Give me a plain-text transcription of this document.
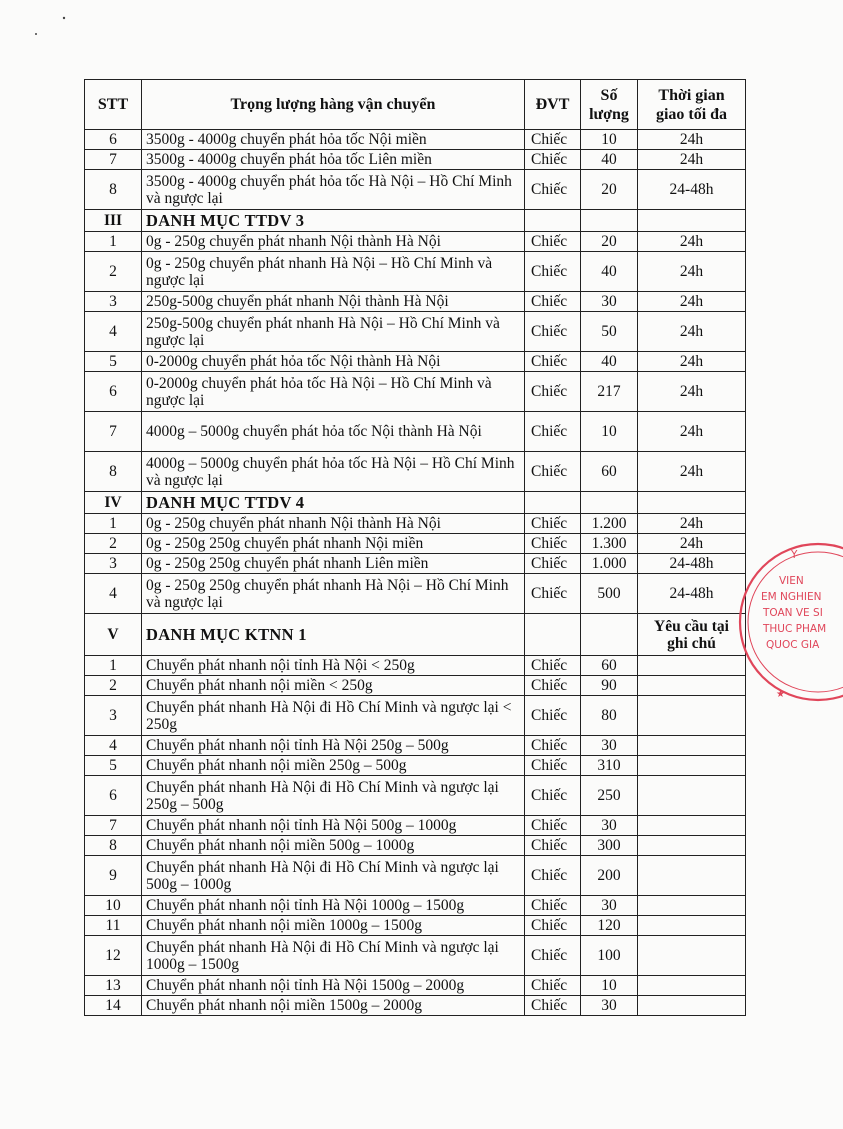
STT	Trọng lượng hàng vận chuyển	ĐVT	Số
lượng	Thời gian
giao tối đa
6	3500g - 4000g chuyển phát hỏa tốc Nội miền	Chiếc	10	24h
7	3500g - 4000g chuyển phát hỏa tốc Liên miền	Chiếc	40	24h
8	3500g - 4000g chuyển phát hỏa tốc Hà Nội – Hồ Chí Minh và ngược lại	Chiếc	20	24-48h
III	DANH MỤC TTDV 3			
1	0g - 250g chuyển phát nhanh Nội thành Hà Nội	Chiếc	20	24h
2	0g - 250g chuyển phát nhanh Hà Nội – Hồ Chí Minh và ngược lại	Chiếc	40	24h
3	250g-500g chuyển phát nhanh Nội thành Hà Nội	Chiếc	30	24h
4	250g-500g chuyển phát nhanh Hà Nội – Hồ Chí Minh và ngược lại	Chiếc	50	24h
5	0-2000g chuyển phát hỏa tốc Nội thành Hà Nội	Chiếc	40	24h
6	0-2000g chuyển phát hỏa tốc Hà Nội – Hồ Chí Minh và ngược lại	Chiếc	217	24h
7	4000g – 5000g chuyển phát hỏa tốc Nội thành Hà Nội	Chiếc	10	24h
8	4000g – 5000g chuyển phát hỏa tốc Hà Nội – Hồ Chí Minh và ngược lại	Chiếc	60	24h
IV	DANH MỤC TTDV 4			
1	0g - 250g chuyển phát nhanh Nội thành Hà Nội	Chiếc	1.200	24h
2	0g - 250g 250g chuyển phát nhanh Nội miền	Chiếc	1.300	24h
3	0g - 250g 250g chuyển phát nhanh Liên miền	Chiếc	1.000	24-48h
4	0g - 250g 250g chuyển phát nhanh Hà Nội – Hồ Chí Minh và ngược lại	Chiếc	500	24-48h
V	DANH MỤC KTNN 1			Yêu cầu tại ghi chú
1	Chuyển phát nhanh nội tỉnh Hà Nội < 250g	Chiếc	60	
2	Chuyển phát nhanh nội miền < 250g	Chiếc	90	
3	Chuyển phát nhanh Hà Nội đi Hồ Chí Minh và ngược lại < 250g	Chiếc	80	
4	Chuyển phát nhanh nội tỉnh Hà Nội 250g – 500g	Chiếc	30	
5	Chuyển phát nhanh nội miền 250g – 500g	Chiếc	310	
6	Chuyển phát nhanh Hà Nội đi Hồ Chí Minh và ngược lại 250g – 500g	Chiếc	250	
7	Chuyển phát nhanh nội tỉnh Hà Nội 500g – 1000g	Chiếc	30	
8	Chuyển phát nhanh nội miền 500g – 1000g	Chiếc	300	
9	Chuyển phát nhanh Hà Nội đi Hồ Chí Minh và ngược lại 500g – 1000g	Chiếc	200	
10	Chuyển phát nhanh nội tỉnh Hà Nội 1000g – 1500g	Chiếc	30	
11	Chuyển phát nhanh nội miền 1000g – 1500g	Chiếc	120	
12	Chuyển phát nhanh Hà Nội đi Hồ Chí Minh và ngược lại 1000g – 1500g	Chiếc	100	
13	Chuyển phát nhanh nội tỉnh Hà Nội 1500g – 2000g	Chiếc	10	
14	Chuyển phát nhanh nội miền 1500g – 2000g	Chiếc	30	
Y
VIEN
EM NGHIEN
TOAN VE SI
THUC PHAM
QUOC GIA
★
